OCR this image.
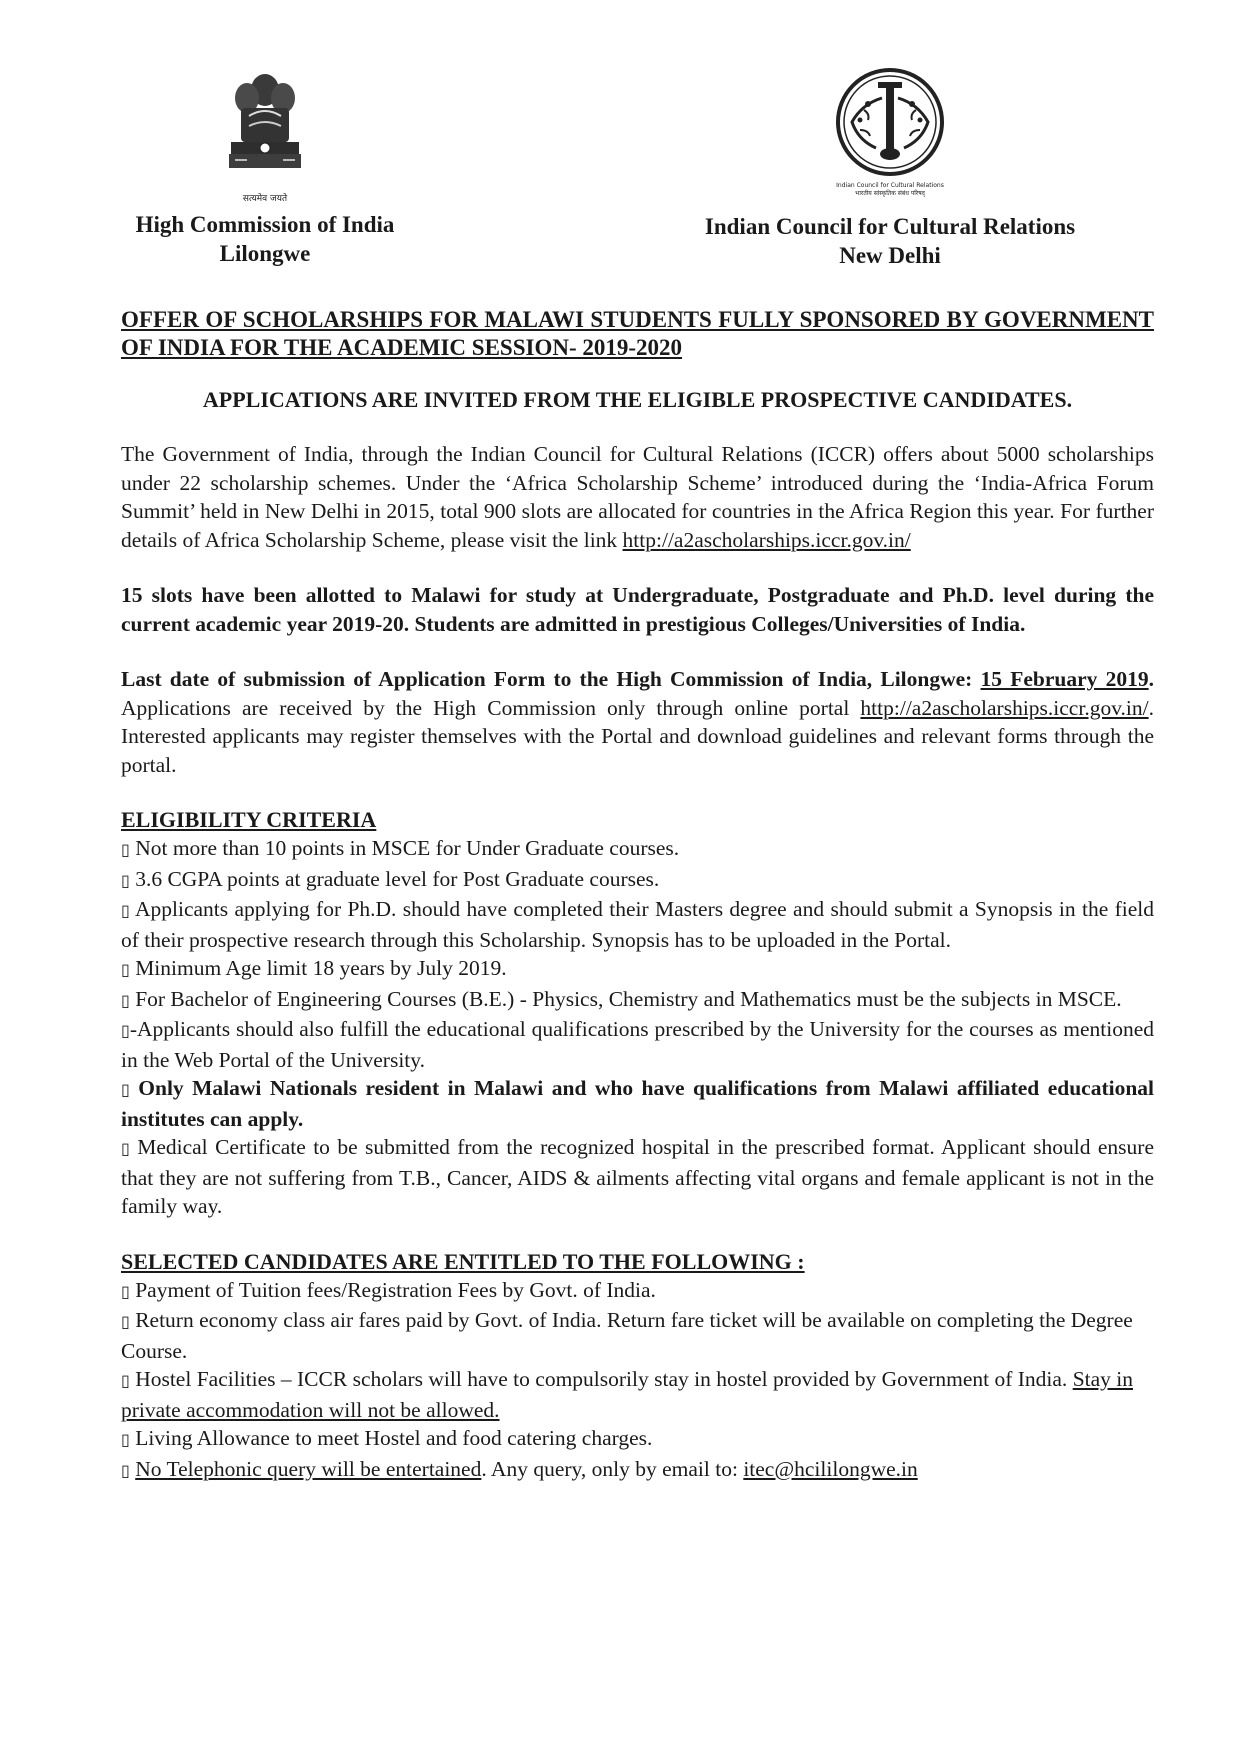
सत्यमेव जयते
High Commission of India
Lilongwe
Indian Council for Cultural Relations
भारतीय सांस्कृतिक संबंध परिषद्
Indian Council for Cultural Relations
New Delhi
OFFER OF SCHOLARSHIPS FOR MALAWI STUDENTS FULLY SPONSORED BY GOVERNMENT OF INDIA FOR THE ACADEMIC SESSION- 2019-2020
APPLICATIONS ARE INVITED FROM THE ELIGIBLE PROSPECTIVE CANDIDATES.

The Government of India, through the Indian Council for Cultural Relations (ICCR) offers about 5000 scholarships under 22 scholarship schemes. Under the ‘Africa Scholarship Scheme’ introduced during the ‘India-Africa Forum Summit’ held in New Delhi in 2015, total 900 slots are allocated for countries in the Africa Region this year. For further details of Africa Scholarship Scheme, please visit the link http://a2ascholarships.iccr.gov.in/

15 slots have been allotted to Malawi for study at Undergraduate, Postgraduate and Ph.D. level during the current academic year 2019-20. Students are admitted in prestigious Colleges/Universities of India.

Last date of submission of Application Form to the High Commission of India, Lilongwe: 15 February 2019. Applications are received by the High Commission only through online portal http://a2ascholarships.iccr.gov.in/. Interested applicants may register themselves with the Portal and download guidelines and relevant forms through the portal.

ELIGIBILITY CRITERIA

▯ Not more than 10 points in MSCE for Under Graduate courses.

▯ 3.6 CGPA points at graduate level for Post Graduate courses.

▯ Applicants applying for Ph.D. should have completed their Masters degree and should submit a Synopsis in the field of their prospective research through this Scholarship. Synopsis has to be uploaded in the Portal.

▯ Minimum Age limit 18 years by July 2019.

▯ For Bachelor of Engineering Courses (B.E.) - Physics, Chemistry and Mathematics must be the subjects in MSCE.

▯-Applicants should also fulfill the educational qualifications prescribed by the University for the courses as mentioned in the Web Portal of the University.

▯ Only Malawi Nationals resident in Malawi and who have qualifications from Malawi affiliated educational institutes can apply.

▯ Medical Certificate to be submitted from the recognized hospital in the prescribed format. Applicant should ensure that they are not suffering from T.B., Cancer, AIDS & ailments affecting vital organs and female applicant is not in the family way.

SELECTED CANDIDATES ARE ENTITLED TO THE FOLLOWING :

▯ Payment of Tuition fees/Registration Fees by Govt. of India.

▯ Return economy class air fares paid by Govt. of India. Return fare ticket will be available on completing the Degree Course.

▯ Hostel Facilities – ICCR scholars will have to compulsorily stay in hostel provided by Government of India. Stay in private accommodation will not be allowed.

▯ Living Allowance to meet Hostel and food catering charges.

▯ No Telephonic query will be entertained. Any query, only by email to: itec@hcililongwe.in
